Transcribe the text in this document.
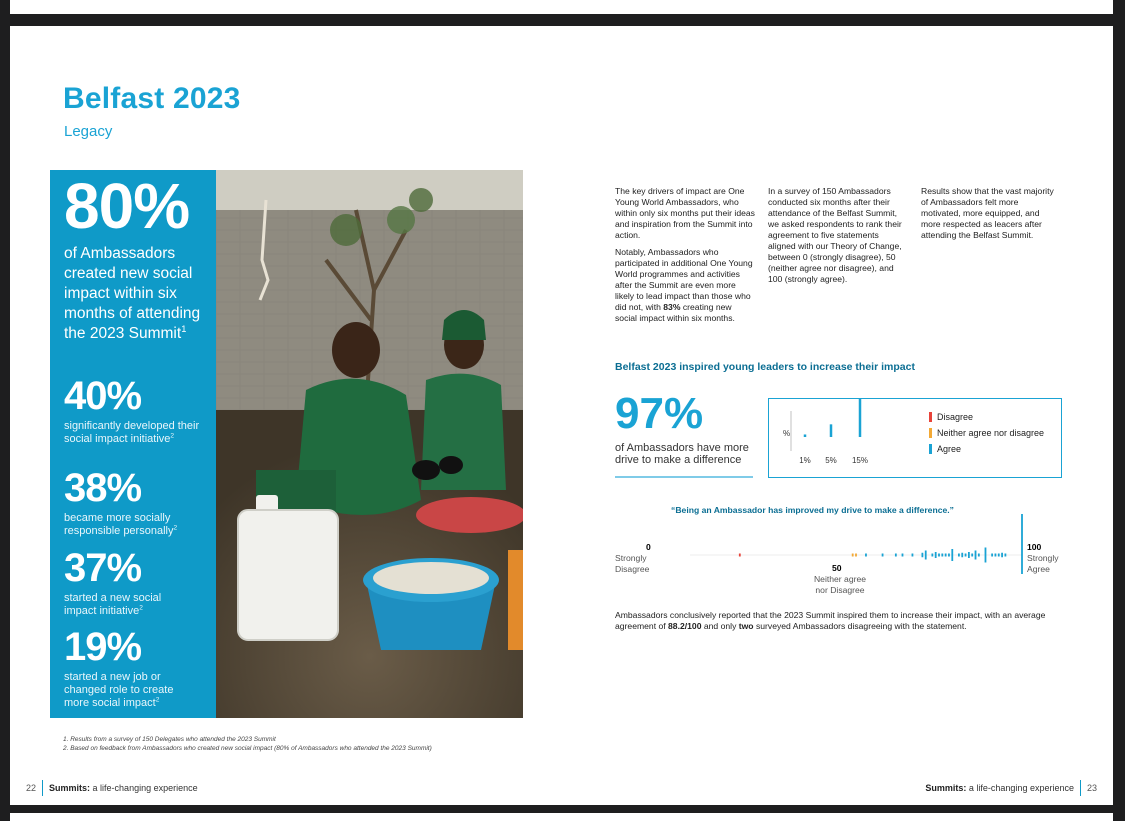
Belfast 2023
Legacy
80%
of Ambassadors created new social impact within six months of attending the 2023 Summit$^1$
40%
significantly developed their social impact initiative$^2$
38%
became more socially responsible personally$^2$
37%
started a new social impact initiative$^2$
19%
started a new job or changed role to create more social impact$^2$

The key drivers of impact are One Young World Ambassadors, who within only six months put their ideas and inspiration from the Summit into action.

Notably, Ambassadors who participated in additional One Young World programmes and activities after the Summit are even more likely to lead impact than those who did not, with 83% creating new social impact within six months.

In a survey of 150 Ambassadors conducted six months after their attendance of the Belfast Summit, we asked respondents to rank their agreement to five statements aligned with our Theory of Change, between 0 (strongly disagree), 50 (neither agree nor disagree), and 100 (strongly agree).

Results show that the vast majority of Ambassadors felt more motivated, more equipped, and more respected as leacers after attending the Belfast Summit.

Belfast 2023 inspired young leaders to increase their impact
97%
of Ambassadors have more drive to make a difference
%
1% 5% 15%
Disagree
Neither agree nor disagree
Agree
“Being an Ambassador has improved my drive to make a difference.”
0
Strongly
Disagree	50
Neither agree
nor Disagree
100
Strongly
Agree
Ambassadors conclusively reported that the 2023 Summit inspired them to increase their impact, with an average agreement of 88.2/100 and only two surveyed Ambassadors disagreeing with the statement.
1. Results from a survey of 150 Delegates who attended the 2023 Summit
2. Based on feedback from Ambassadors who created new social impact (80% of Ambassadors who attended the 2023 Summit)
22 Summits:
a life-changing experience	Summits:
a life-changing experience 23
